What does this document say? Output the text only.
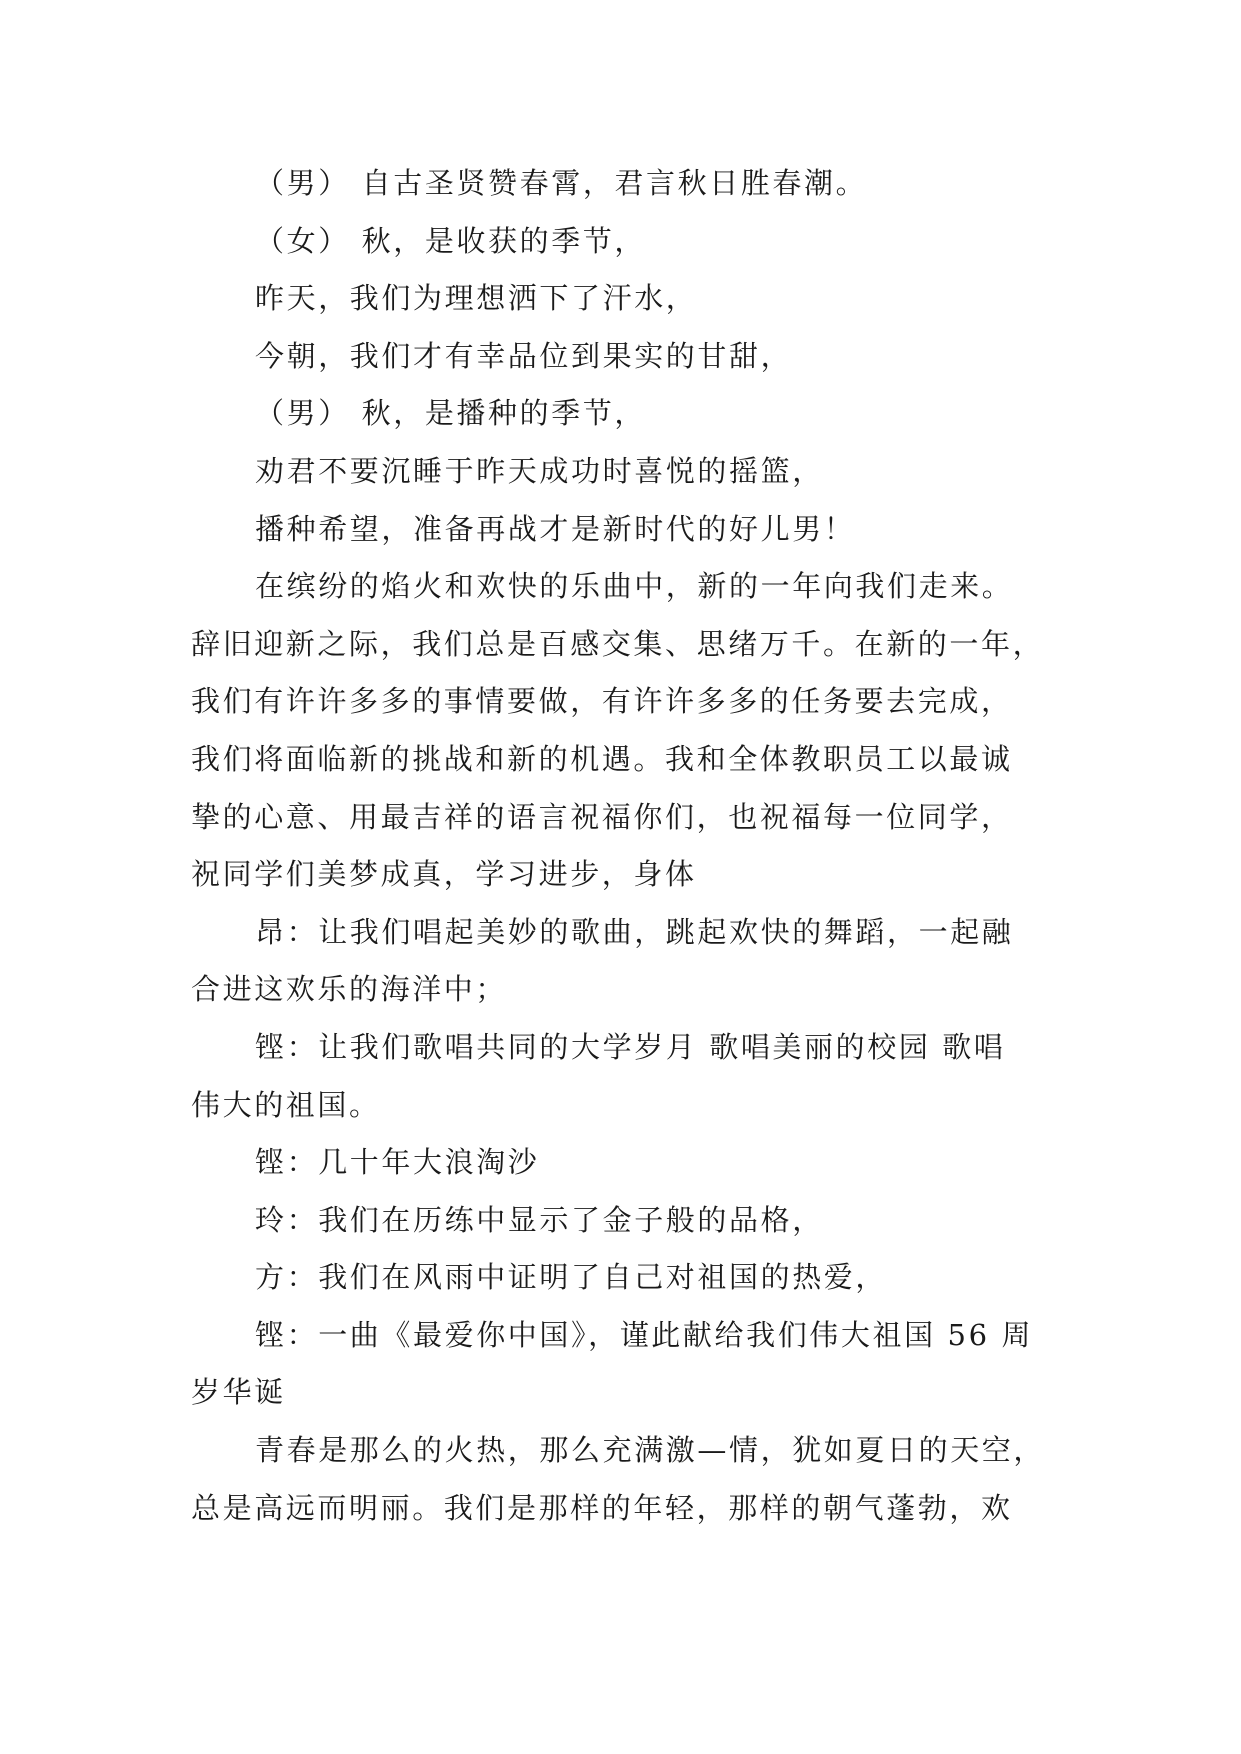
（男） 自古圣贤赞春霄，君言秋日胜春潮。
（女） 秋，是收获的季节，
昨天，我们为理想洒下了汗水，
今朝，我们才有幸品位到果实的甘甜，
（男） 秋，是播种的季节，
劝君不要沉睡于昨天成功时喜悦的摇篮，
播种希望，准备再战才是新时代的好儿男！
在缤纷的焰火和欢快的乐曲中，新的一年向我们走来。
辞旧迎新之际，我们总是百感交集、思绪万千。在新的一年，
我们有许许多多的事情要做，有许许多多的任务要去完成，
我们将面临新的挑战和新的机遇。我和全体教职员工以最诚
挚的心意、用最吉祥的语言祝福你们，也祝福每一位同学，
祝同学们美梦成真，学习进步，身体
昂：让我们唱起美妙的歌曲，跳起欢快的舞蹈，一起融
合进这欢乐的海洋中；
铿：让我们歌唱共同的大学岁月 歌唱美丽的校园 歌唱
伟大的祖国。
铿：几十年大浪淘沙
玲：我们在历练中显示了金子般的品格，
方：我们在风雨中证明了自己对祖国的热爱，
铿：一曲《最爱你中国》，谨此献给我们伟大祖国 56 周
岁华诞
青春是那么的火热，那么充满激—情，犹如夏日的天空，
总是高远而明丽。我们是那样的年轻，那样的朝气蓬勃，欢
